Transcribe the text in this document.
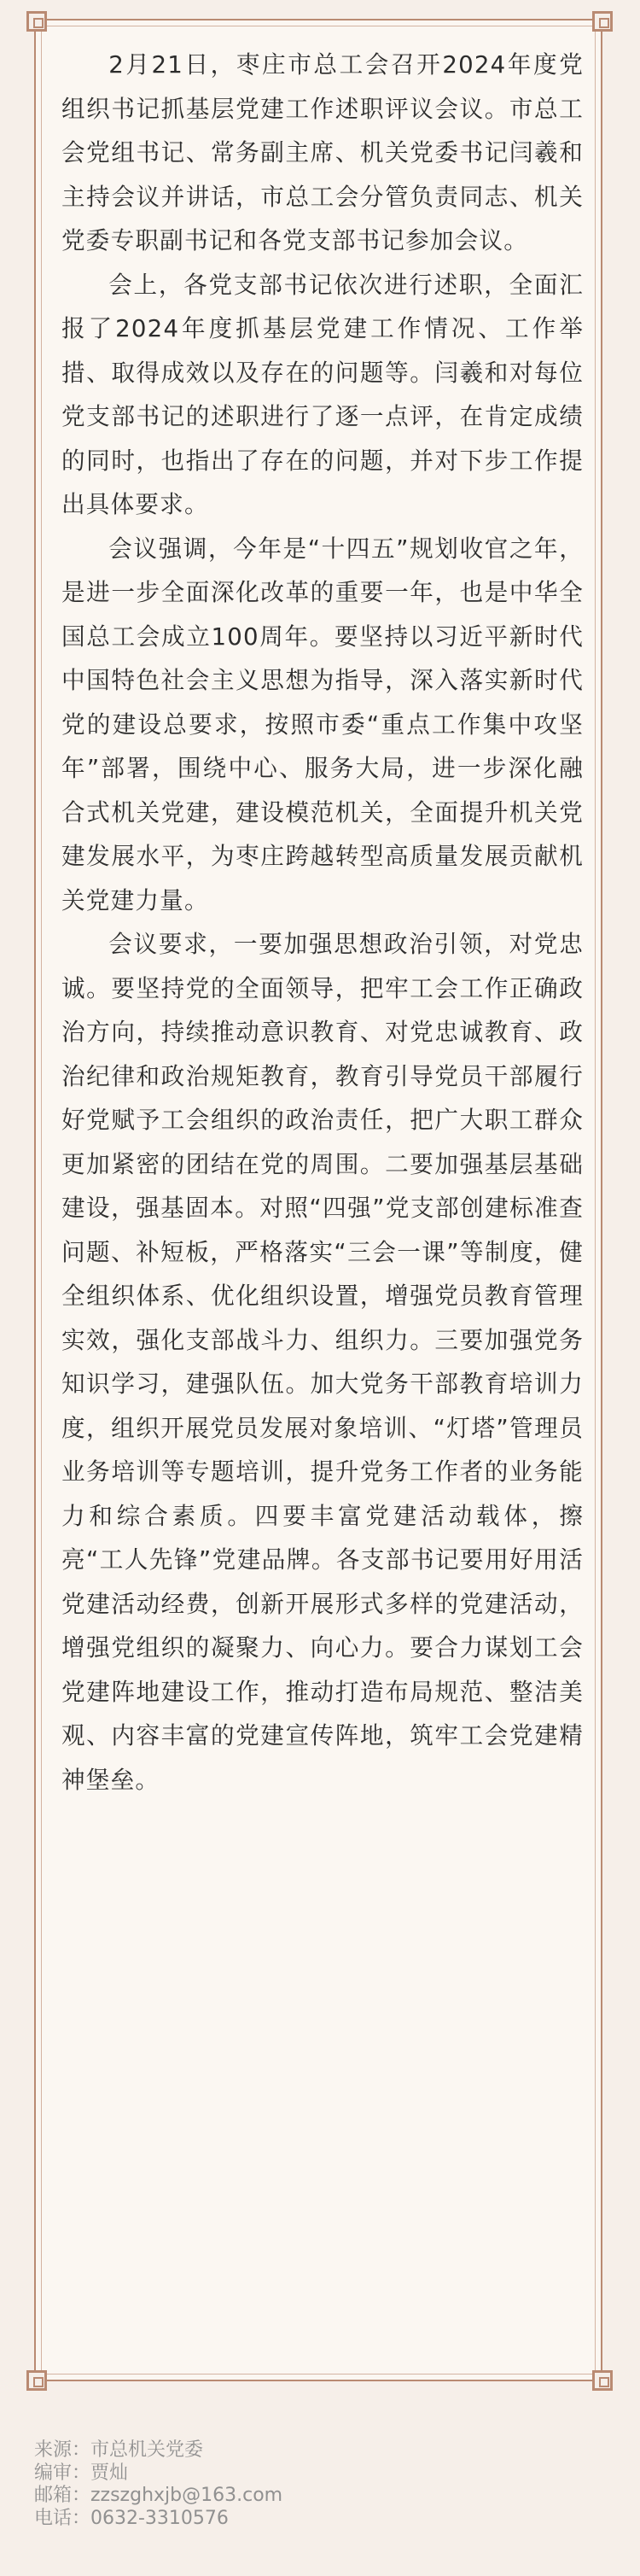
2月21日，枣庄市总工会召开2024年度党组织书记抓基层党建工作述职评议会议。市总工会党组书记、常务副主席、机关党委书记闫羲和主持会议并讲话，市总工会分管负责同志、机关党委专职副书记和各党支部书记参加会议。

会上，各党支部书记依次进行述职，全面汇报了2024年度抓基层党建工作情况、工作举措、取得成效以及存在的问题等。闫羲和对每位党支部书记的述职进行了逐一点评，在肯定成绩的同时，也指出了存在的问题，并对下步工作提出具体要求。

会议强调，今年是“十四五”规划收官之年，是进一步全面深化改革的重要一年，也是中华全国总工会成立100周年。要坚持以习近平新时代中国特色社会主义思想为指导，深入落实新时代党的建设总要求，按照市委“重点工作集中攻坚年”部署，围绕中心、服务大局，进一步深化融合式机关党建，建设模范机关，全面提升机关党建发展水平，为枣庄跨越转型高质量发展贡献机关党建力量。

会议要求，一要加强思想政治引领，对党忠诚。要坚持党的全面领导，把牢工会工作正确政治方向，持续推动意识教育、对党忠诚教育、政治纪律和政治规矩教育，教育引导党员干部履行好党赋予工会组织的政治责任，把广大职工群众更加紧密的团结在党的周围。二要加强基层基础建设，强基固本。对照“四强”党支部创建标准查问题、补短板，严格落实“三会一课”等制度，健全组织体系、优化组织设置，增强党员教育管理实效，强化支部战斗力、组织力。三要加强党务知识学习，建强队伍。加大党务干部教育培训力度，组织开展党员发展对象培训、“灯塔”管理员业务培训等专题培训，提升党务工作者的业务能力和综合素质。四要丰富党建活动载体，擦亮“工人先锋”党建品牌。各支部书记要用好用活党建活动经费，创新开展形式多样的党建活动，增强党组织的凝聚力、向心力。要合力谋划工会党建阵地建设工作，推动打造布局规范、整洁美观、内容丰富的党建宣传阵地，筑牢工会党建精神堡垒。

来源：市总机关党委
编审：贾灿
邮箱：zzszghxjb@163.com
电话：0632-3310576
